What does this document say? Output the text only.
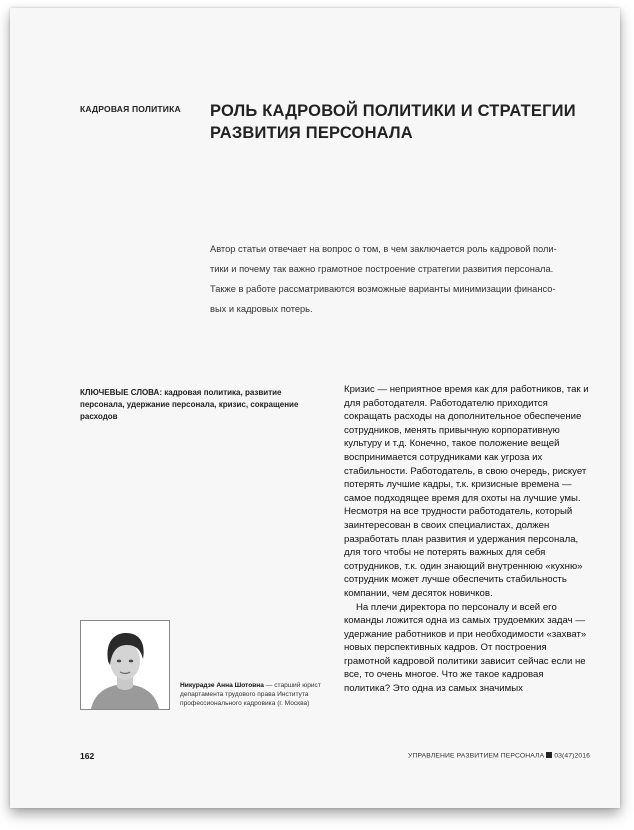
КАДРОВАЯ ПОЛИТИКА РОЛЬ КАДРОВОЙ ПОЛИТИКИ И СТРАТЕГИИ РАЗВИТИЯ ПЕРСОНАЛА

Автор статьи отвечает на вопрос о том, в чем заключается роль кадровой поли-

тики и почему так важно грамотное построение стратегии развития персонала.

Также в работе рассматриваются возможные варианты минимизации финансо-

вых и кадровых потерь.

КЛЮЧЕВЫЕ СЛОВА: кадровая политика, развитие персонала, удержание персонала, кризис, сокращение расходов

Кризис — неприятное время как для работников, так и для работодателя. Работодателю приходится сокращать расходы на дополнительное обеспечение сотрудников, менять привычную корпоративную культуру и т.д. Конечно, такое положение вещей воспринимается сотрудниками как угроза их стабильности. Работодатель, в свою очередь, рискует потерять лучшие кадры, т.к. кризисные времена — самое подходящее время для охоты на лучшие умы. Несмотря на все трудности работодатель, который заинтересован в своих специалистах, должен разработать план развития и удержания персонала, для того чтобы не потерять важных для себя сотрудников, т.к. один знающий внутреннюю «кухню» сотрудник может лучше обеспечить стабильность компании, чем десяток новичков.

На плечи директора по персоналу и всей его команды ложится одна из самых трудоемких задач — удержание работников и при необходимости «захват» новых перспективных кадров. От построения грамотной кадровой политики зависит сейчас если не все, то очень многое. Что же такое кадровая политика? Это одна из самых значимых

Никурадзе Анна Шотовна — старший юрист департамента трудового права Института профессионального кадровика (г. Москва)
162	УПРАВЛЕНИЕ РАЗВИТИЕМ ПЕРСОНАЛА 03(47)2016
